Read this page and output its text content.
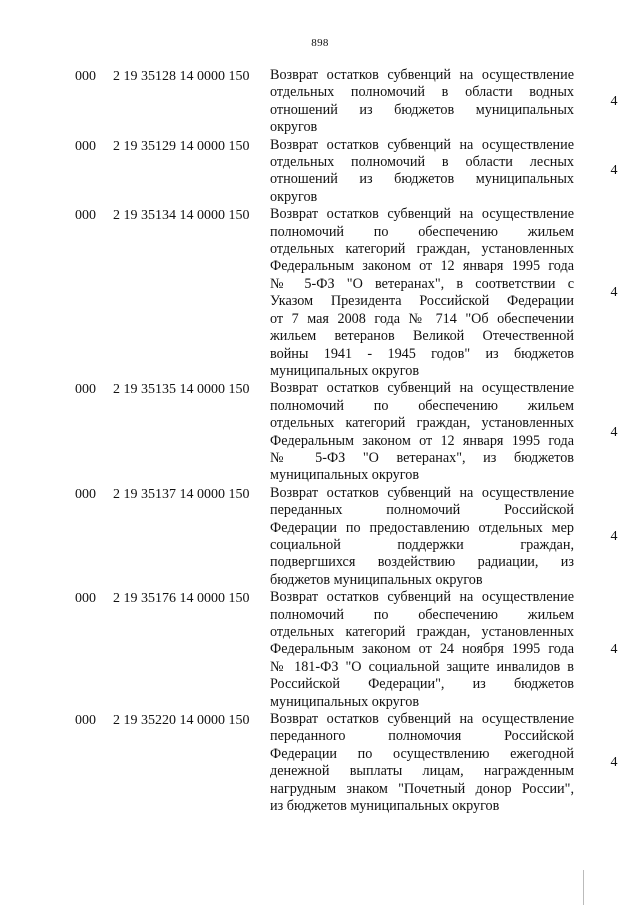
898
000	2 19 35128 14 0000 150	Возврат остатков субвенций на осуществление
отдельных полномочий в области водных
отношений из бюджетов муниципальных
округов
4
000	2 19 35129 14 0000 150	Возврат остатков субвенций на осуществление
отдельных полномочий в области лесных
отношений из бюджетов муниципальных
округов
4
000	2 19 35134 14 0000 150	Возврат остатков субвенций на осуществление
полномочий по обеспечению жильем
отдельных категорий граждан, установленных
Федеральным законом от 12 января 1995 года
№ 5-ФЗ "О ветеранах", в соответствии с
Указом Президента Российской Федерации
от 7 мая 2008 года № 714 "Об обеспечении
жильем ветеранов Великой Отечественной
войны 1941 - 1945 годов" из бюджетов
муниципальных округов
4
000	2 19 35135 14 0000 150	Возврат остатков субвенций на осуществление
полномочий по обеспечению жильем
отдельных категорий граждан, установленных
Федеральным законом от 12 января 1995 года
№ 5-ФЗ "О ветеранах", из бюджетов
муниципальных округов
4
000	2 19 35137 14 0000 150	Возврат остатков субвенций на осуществление
переданных полномочий Российской
Федерации по предоставлению отдельных мер
социальной поддержки граждан,
подвергшихся воздействию радиации, из
бюджетов муниципальных округов
4
000	2 19 35176 14 0000 150	Возврат остатков субвенций на осуществление
полномочий по обеспечению жильем
отдельных категорий граждан, установленных
Федеральным законом от 24 ноября 1995 года
№ 181-ФЗ "О социальной защите инвалидов в
Российской Федерации", из бюджетов
муниципальных округов
4
000	2 19 35220 14 0000 150	Возврат остатков субвенций на осуществление
переданного полномочия Российской
Федерации по осуществлению ежегодной
денежной выплаты лицам, награжденным
нагрудным знаком "Почетный донор России",
из бюджетов муниципальных округов
4
